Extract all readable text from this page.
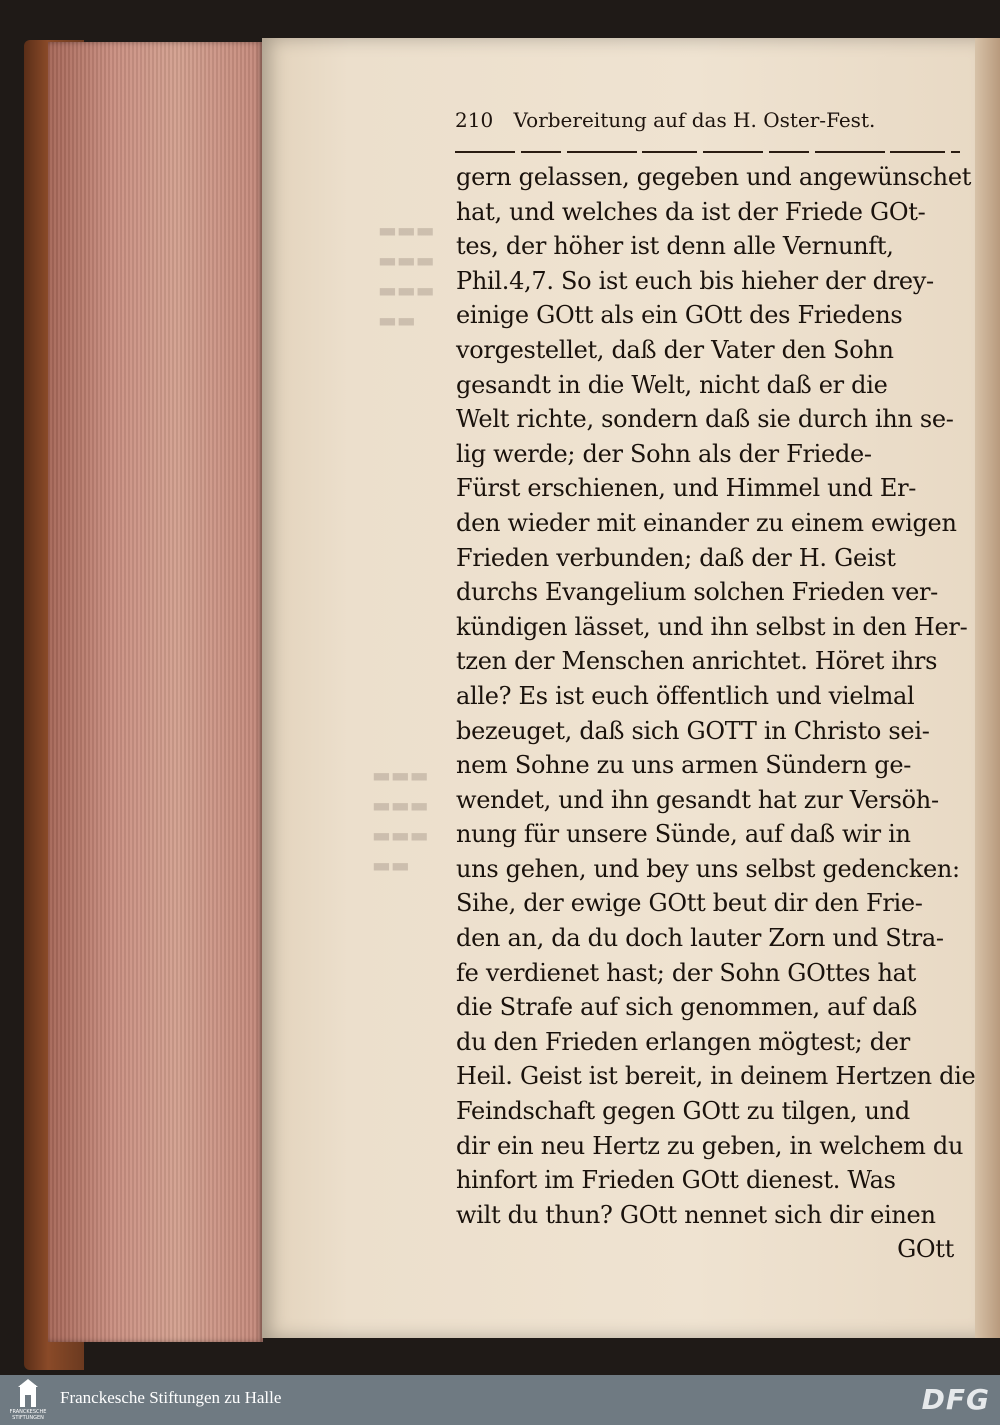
▬▬▬
▬▬▬
▬▬▬
▬▬
▬▬▬
▬▬▬
▬▬▬
▬▬
210 Vorbereitung auf das H. Oster-Fest.
gern gelassen, gegeben und angewünschet
hat, und welches da ist der Friede GOt-
tes, der höher ist denn alle Vernunft,
Phil.4,7. So ist euch bis hieher der drey-
einige GOtt als ein GOtt des Friedens
vorgestellet, daß der Vater den Sohn
gesandt in die Welt, nicht daß er die
Welt richte, sondern daß sie durch ihn se-
lig werde; der Sohn als der Friede-
Fürst erschienen, und Himmel und Er-
den wieder mit einander zu einem ewigen
Frieden verbunden; daß der H. Geist
durchs Evangelium solchen Frieden ver-
kündigen lässet, und ihn selbst in den Her-
tzen der Menschen anrichtet. Höret ihrs
alle? Es ist euch öffentlich und vielmal
bezeuget, daß sich GOTT in Christo sei-
nem Sohne zu uns armen Sündern ge-
wendet, und ihn gesandt hat zur Versöh-
nung für unsere Sünde, auf daß wir in
uns gehen, und bey uns selbst gedencken:
Sihe, der ewige GOtt beut dir den Frie-
den an, da du doch lauter Zorn und Stra-
fe verdienet hast; der Sohn GOttes hat
die Strafe auf sich genommen, auf daß
du den Frieden erlangen mögtest; der
Heil. Geist ist bereit, in deinem Hertzen die
Feindschaft gegen GOtt zu tilgen, und
dir ein neu Hertz zu geben, in welchem du
hinfort im Frieden GOtt dienest. Was
wilt du thun? GOtt nennet sich dir einen
GOtt
FRANCKESCHE STIFTUNGEN
Franckesche Stiftungen zu Halle	DFG
